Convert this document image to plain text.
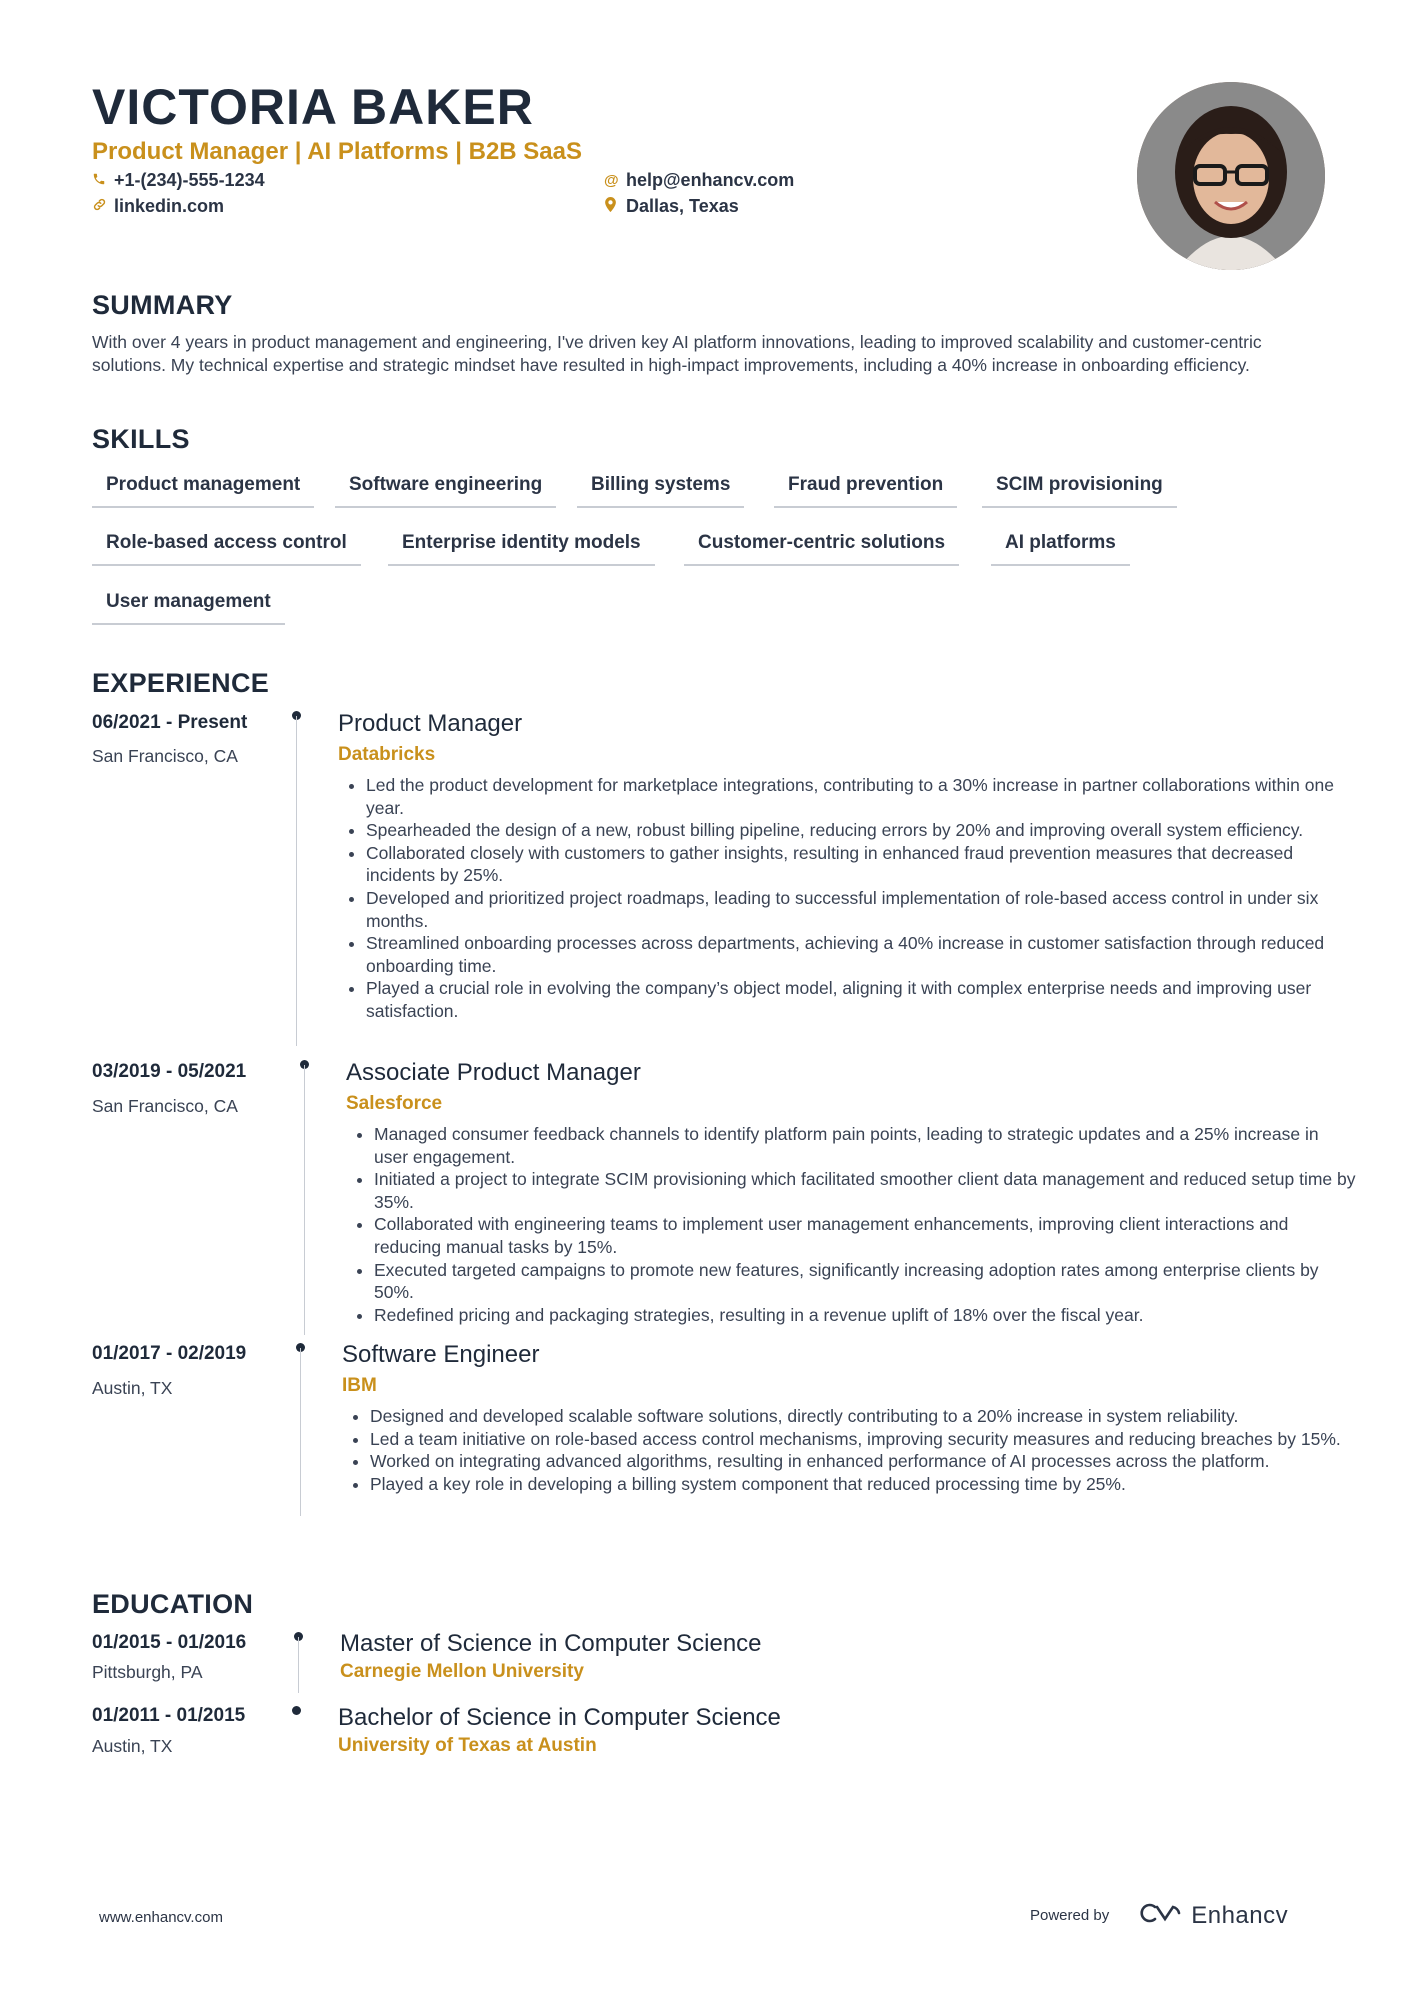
VICTORIA BAKER
Product Manager | AI Platforms | B2B SaaS
+1-(234)-555-1234	@ help@enhancv.com
linkedin.com	Dallas, Texas
SUMMARY
With over 4 years in product management and engineering, I've driven key AI platform innovations, leading to improved scalability and customer-centric solutions. My technical expertise and strategic mindset have resulted in high-impact improvements, including a 40% increase in onboarding efficiency.
SKILLS
Product management	Software engineering	Billing systems	Fraud prevention	SCIM provisioning
Role-based access control	Enterprise identity models	Customer-centric solutions	AI platforms
User management
EXPERIENCE
06/2021 - Present
San Francisco, CA
Product Manager
Databricks
• Led the product development for marketplace integrations, contributing to a 30% increase in partner collaborations within one year.
• Spearheaded the design of a new, robust billing pipeline, reducing errors by 20% and improving overall system efficiency.
• Collaborated closely with customers to gather insights, resulting in enhanced fraud prevention measures that decreased incidents by 25%.
• Developed and prioritized project roadmaps, leading to successful implementation of role-based access control in under six months.
• Streamlined onboarding processes across departments, achieving a 40% increase in customer satisfaction through reduced onboarding time.
• Played a crucial role in evolving the company’s object model, aligning it with complex enterprise needs and improving user satisfaction.
03/2019 - 05/2021
San Francisco, CA
Associate Product Manager
Salesforce
• Managed consumer feedback channels to identify platform pain points, leading to strategic updates and a 25% increase in user engagement.
• Initiated a project to integrate SCIM provisioning which facilitated smoother client data management and reduced setup time by 35%.
• Collaborated with engineering teams to implement user management enhancements, improving client interactions and reducing manual tasks by 15%.
• Executed targeted campaigns to promote new features, significantly increasing adoption rates among enterprise clients by 50%.
• Redefined pricing and packaging strategies, resulting in a revenue uplift of 18% over the fiscal year.
01/2017 - 02/2019
Austin, TX
Software Engineer
IBM
• Designed and developed scalable software solutions, directly contributing to a 20% increase in system reliability.
• Led a team initiative on role-based access control mechanisms, improving security measures and reducing breaches by 15%.
• Worked on integrating advanced algorithms, resulting in enhanced performance of AI processes across the platform.
• Played a key role in developing a billing system component that reduced processing time by 25%.
EDUCATION
01/2015 - 01/2016
Pittsburgh, PA
Master of Science in Computer Science
Carnegie Mellon University
01/2011 - 01/2015
Austin, TX
Bachelor of Science in Computer Science
University of Texas at Austin
www.enhancv.com	Powered by	Enhancv
